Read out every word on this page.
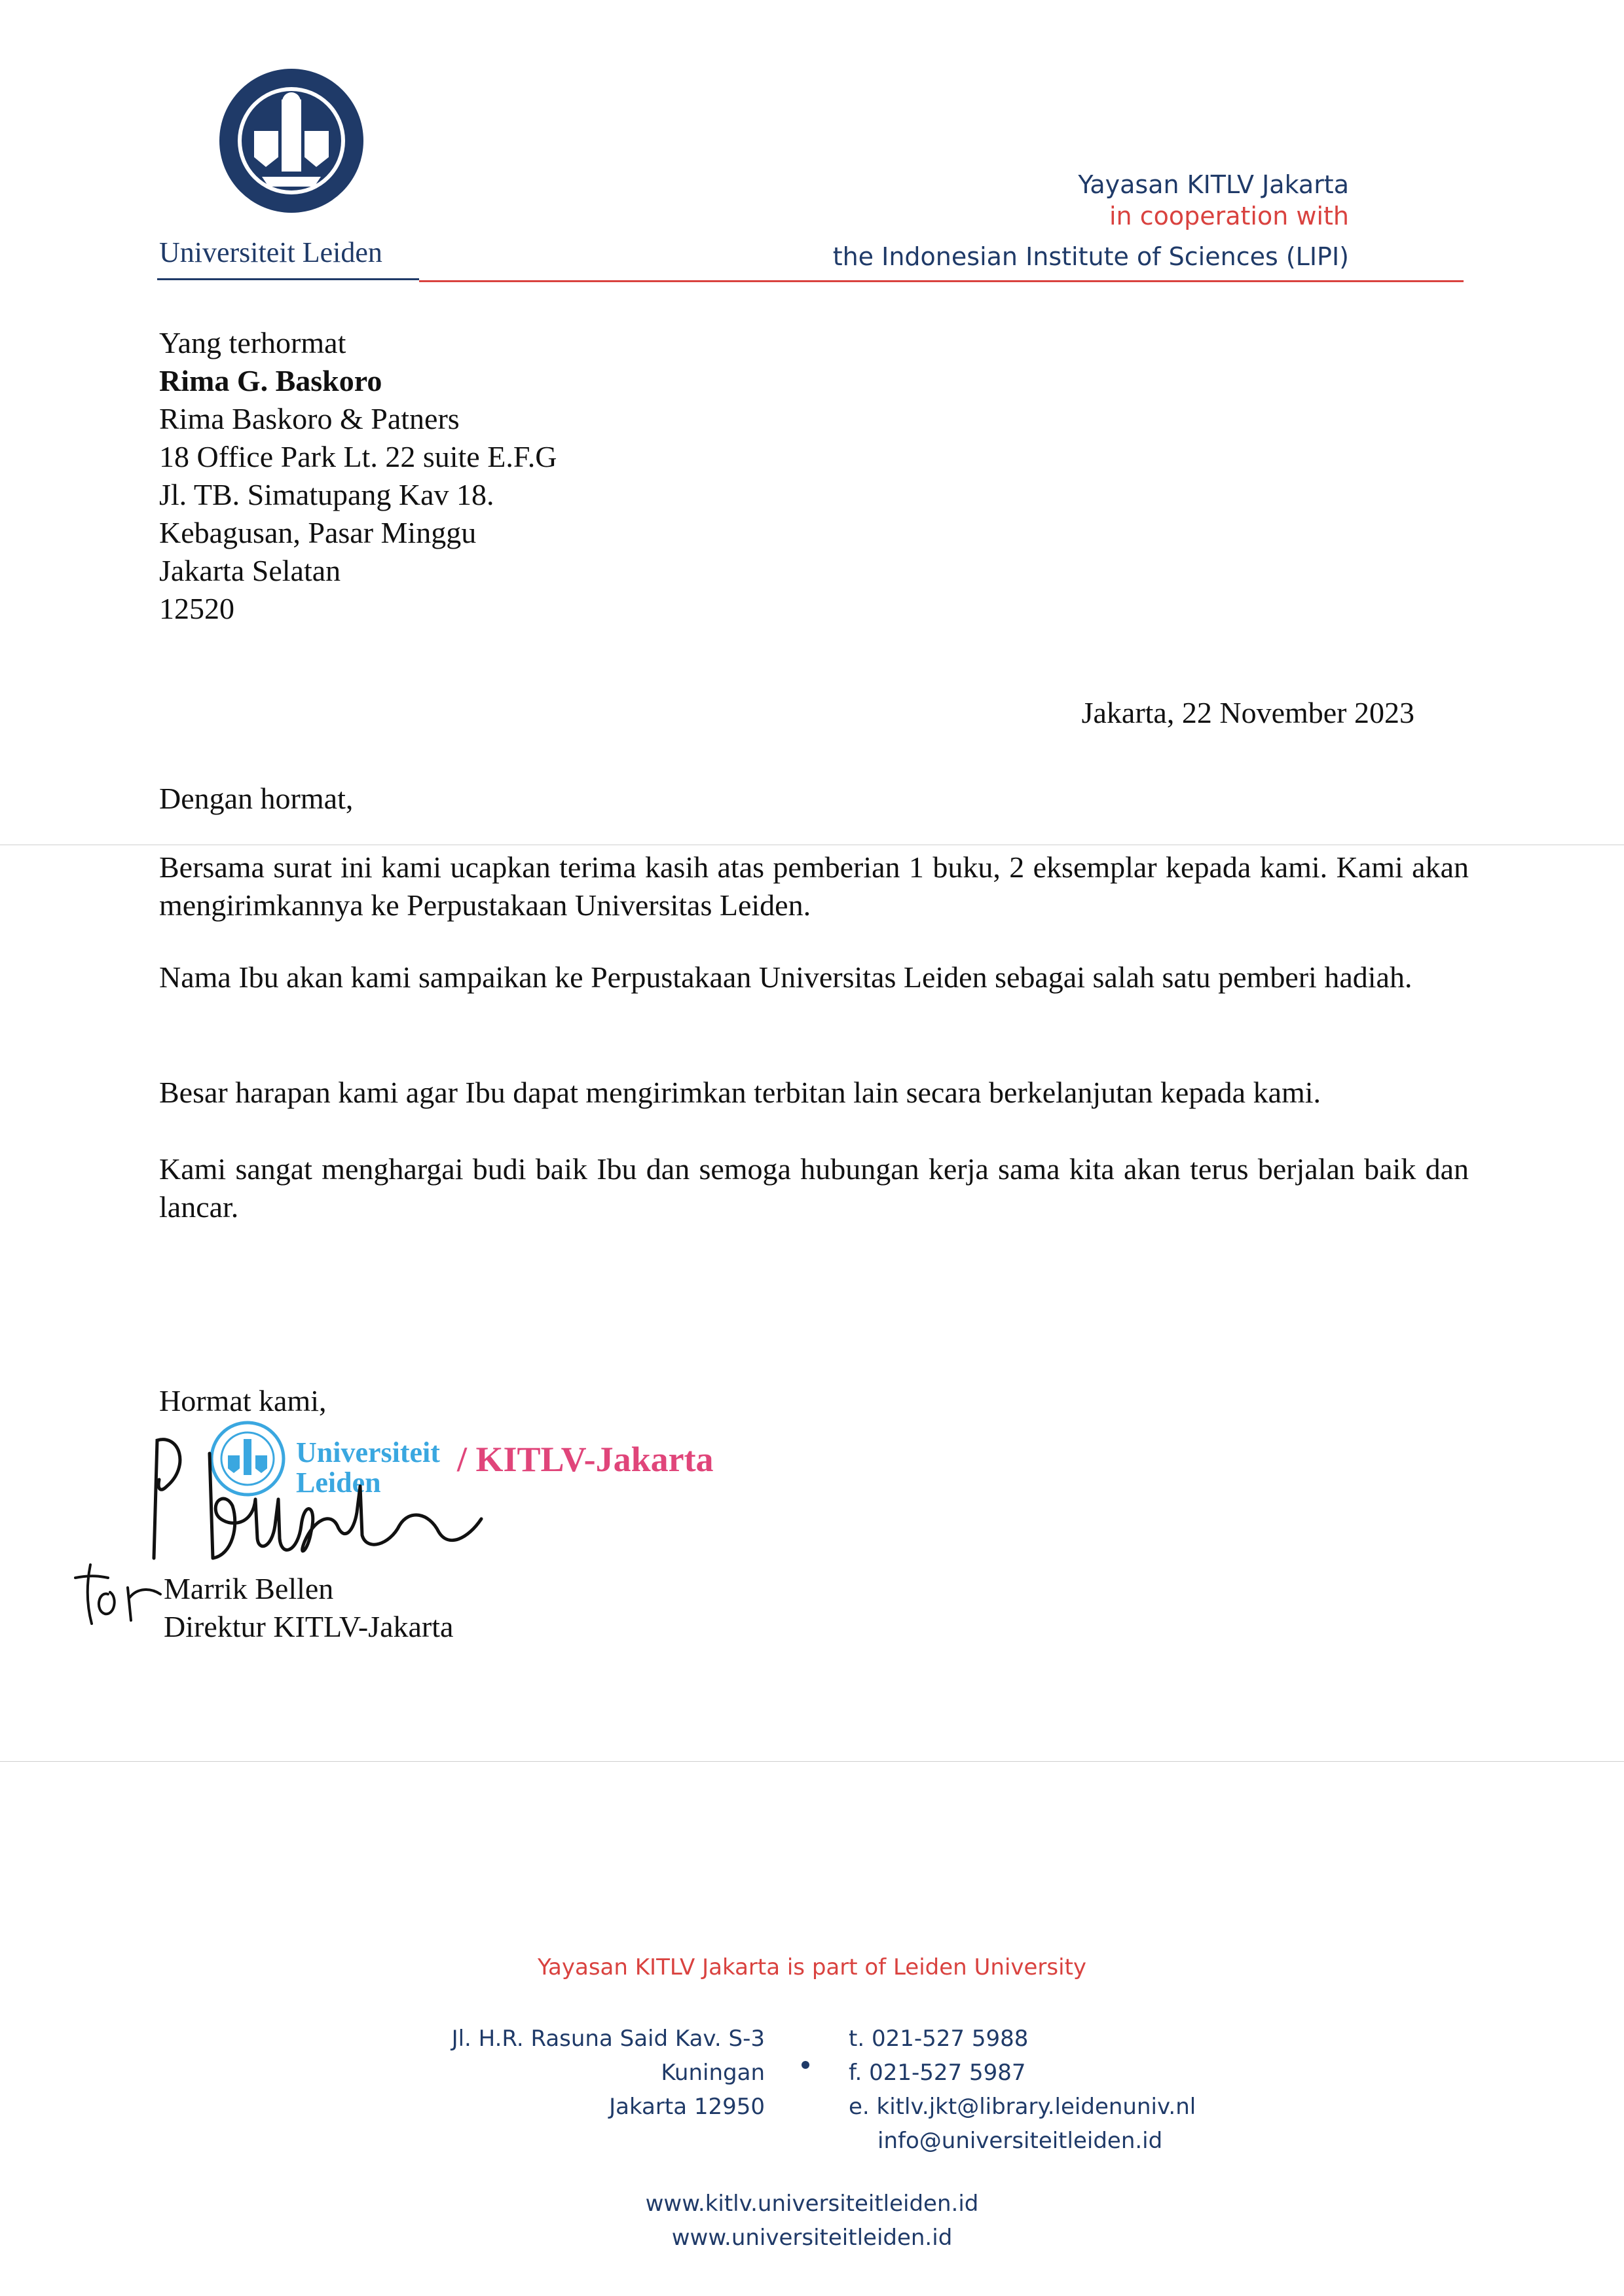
Universiteit Leiden
Yayasan KITLV Jakarta
in cooperation with
the Indonesian Institute of Sciences (LIPI)
Yang terhormat
Rima G. Baskoro
Rima Baskoro & Patners
18 Office Park Lt. 22 suite E.F.G
Jl. TB. Simatupang Kav 18.
Kebagusan, Pasar Minggu
Jakarta Selatan
12520
Jakarta, 22 November 2023
Dengan hormat,
Bersama surat ini kami ucapkan terima kasih atas pemberian 1 buku, 2 eksemplar kepada kami. Kami akan mengirimkannya ke Perpustakaan Universitas Leiden.
Nama Ibu akan kami sampaikan ke Perpustakaan Universitas Leiden sebagai salah satu pemberi hadiah.
Besar harapan kami agar Ibu dapat mengirimkan terbitan lain secara berkelanjutan kepada kami.
Kami sangat menghargai budi baik Ibu dan semoga hubungan kerja sama kita akan terus berjalan baik dan lancar.
Hormat kami,
Universiteit
Leiden
/ KITLV-Jakarta
Marrik Bellen
Direktur KITLV-Jakarta
Yayasan KITLV Jakarta is part of Leiden University
Jl. H.R. Rasuna Said Kav. S-3
Kuningan
Jakarta 12950
t. 021-527 5988
f. 021-527 5987
e. kitlv.jkt@library.leidenuniv.nl
info@universiteitleiden.id
www.kitlv.universiteitleiden.id
www.universiteitleiden.id
